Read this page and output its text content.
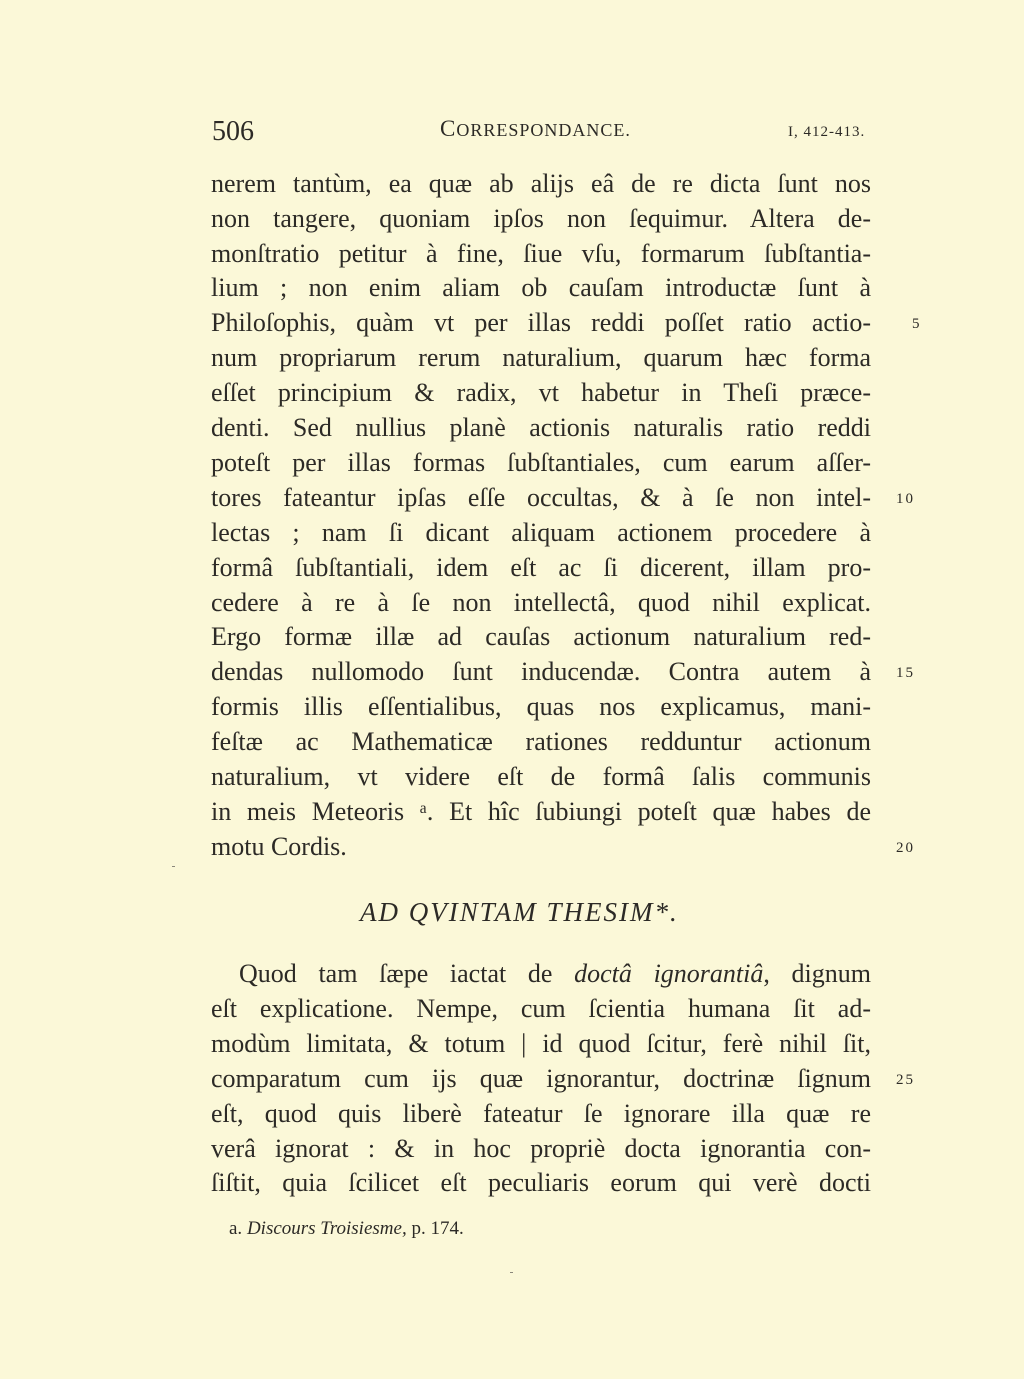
506	CORRESPONDANCE.	I, 412-413.
nerem tantùm, ea quæ ab alijs eâ de re dicta ſunt nos
non tangere, quoniam ipſos non ſequimur. Altera de-
monſtratio petitur à fine, ſiue vſu, formarum ſubſtantia-
lium ; non enim aliam ob cauſam introductæ ſunt à
Philoſophis, quàm vt per illas reddi poſſet ratio actio-
num propriarum rerum naturalium, quarum hæc forma
eſſet principium & radix, vt habetur in Theſi præce-
denti. Sed nullius planè actionis naturalis ratio reddi
poteſt per illas formas ſubſtantiales, cum earum aſſer-
tores fateantur ipſas eſſe occultas, & à ſe non intel-
lectas ; nam ſi dicant aliquam actionem procedere à
formâ ſubſtantiali, idem eſt ac ſi dicerent, illam pro-
cedere à re à ſe non intellectâ, quod nihil explicat.
Ergo formæ illæ ad cauſas actionum naturalium red-
dendas nullomodo ſunt inducendæ. Contra autem à
formis illis eſſentialibus, quas nos explicamus, mani-
feſtæ ac Mathematicæ rationes redduntur actionum
naturalium, vt videre eſt de formâ ſalis communis
in meis Meteoris ᵃ. Et hîc ſubiungi poteſt quæ habes de
motu Cordis.
5
10
15
20
AD QVINTAM THESIM*.
Quod tam ſæpe iactat de doctâ ignorantiâ, dignum
eſt explicatione. Nempe, cum ſcientia humana ſit ad-
modùm limitata, & totum | id quod ſcitur, ferè nihil ſit,
comparatum cum ijs quæ ignorantur, doctrinæ ſignum
eſt, quod quis liberè fateatur ſe ignorare illa quæ re
verâ ignorat : & in hoc propriè docta ignorantia con-
ſiſtit, quia ſcilicet eſt peculiaris eorum qui verè docti
25
a. Discours Troisiesme, p. 174.
